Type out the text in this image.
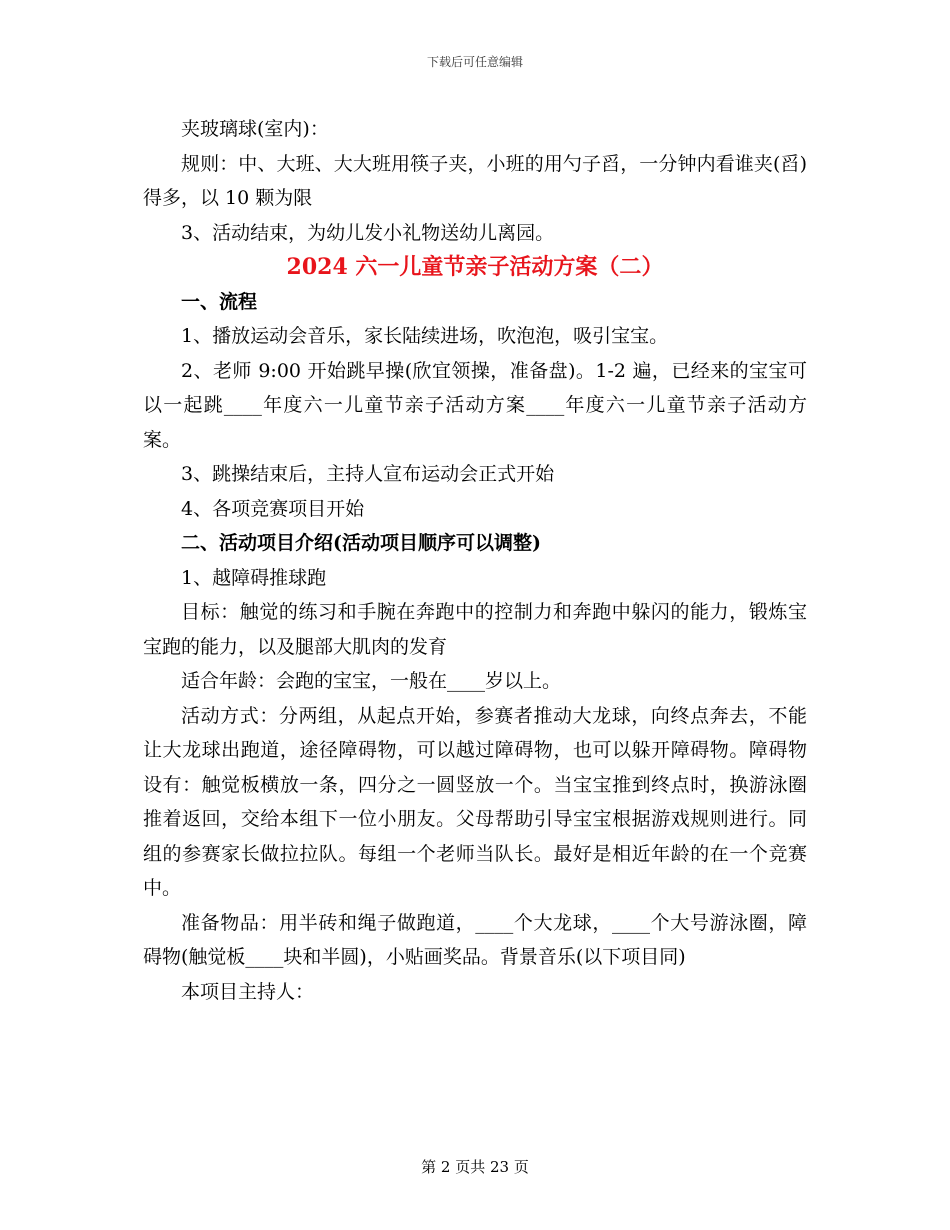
下载后可任意编辑

夹玻璃球(室内)：

规则：中、大班、大大班用筷子夹，小班的用勺子舀，一分钟内看谁夹(舀)得多，以 10 颗为限

3、活动结束，为幼儿发小礼物送幼儿离园。

2024 六一儿童节亲子活动方案（二）

一、流程

1、播放运动会音乐，家长陆续进场，吹泡泡，吸引宝宝。

2、老师 9:00 开始跳早操(欣宜领操，准备盘)。1-2 遍，已经来的宝宝可以一起跳____年度六一儿童节亲子活动方案____年度六一儿童节亲子活动方案。

3、跳操结束后，主持人宣布运动会正式开始

4、各项竞赛项目开始

二、活动项目介绍(活动项目顺序可以调整)

1、越障碍推球跑

目标：触觉的练习和手腕在奔跑中的控制力和奔跑中躲闪的能力，锻炼宝宝跑的能力，以及腿部大肌肉的发育

适合年龄：会跑的宝宝，一般在____岁以上。

活动方式：分两组，从起点开始，参赛者推动大龙球，向终点奔去，不能让大龙球出跑道，途径障碍物，可以越过障碍物，也可以躲开障碍物。障碍物设有：触觉板横放一条，四分之一圆竖放一个。当宝宝推到终点时，换游泳圈推着返回，交给本组下一位小朋友。父母帮助引导宝宝根据游戏规则进行。同组的参赛家长做拉拉队。每组一个老师当队长。最好是相近年龄的在一个竞赛中。

准备物品：用半砖和绳子做跑道，____个大龙球，____个大号游泳圈，障碍物(触觉板____块和半圆)，小贴画奖品。背景音乐(以下项目同)

本项目主持人：

第 2 页共 23 页
